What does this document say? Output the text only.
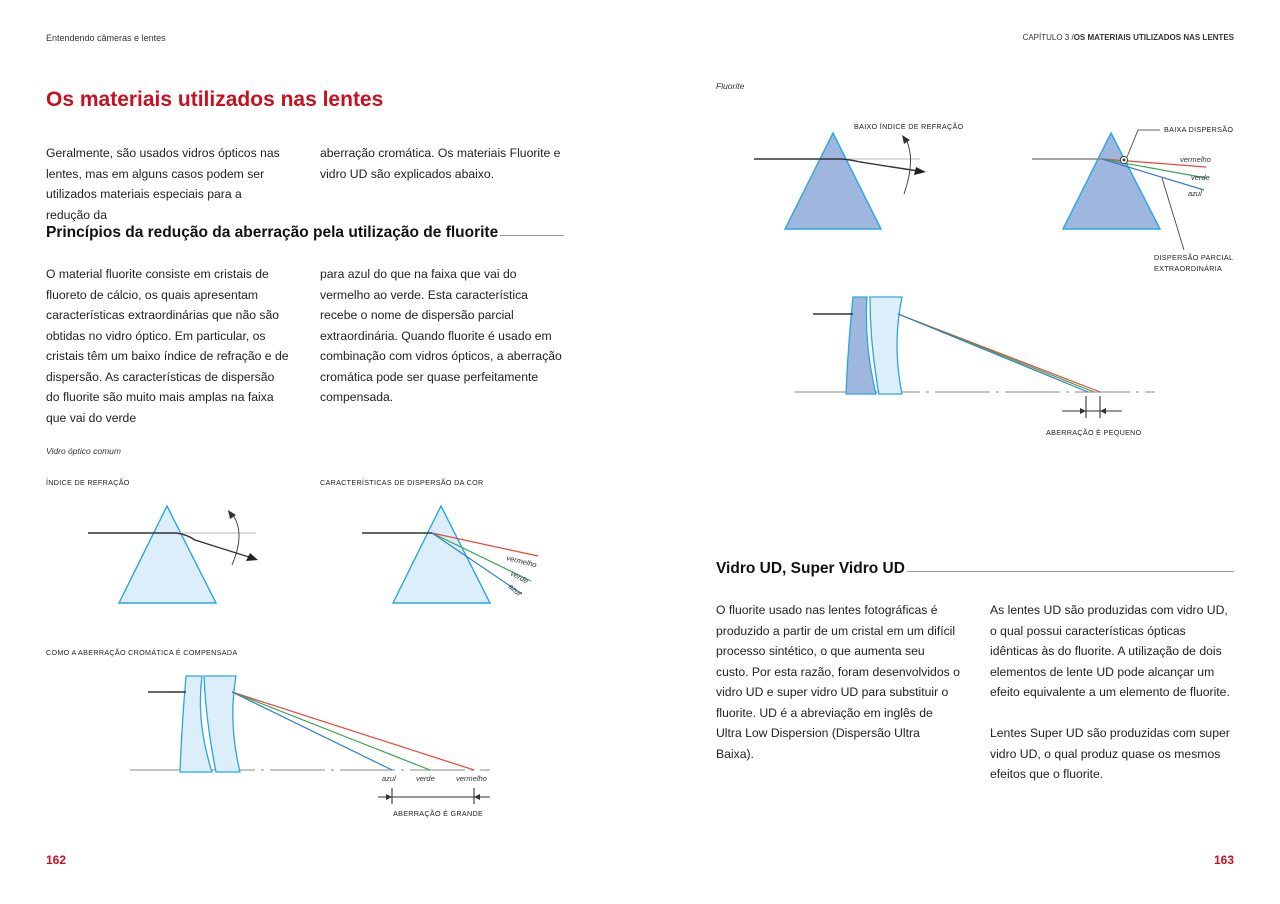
Entendendo câmeras e lentes	CAPÍTULO 3 /OS MATERIAIS UTILIZADOS NAS LENTES
Os materiais utilizados nas lentes

Geralmente, são usados vidros ópticos nas lentes, mas em alguns casos podem ser utilizados materiais especiais para a redução da

aberração cromática. Os materiais Fluorite e vidro UD são explicados abaixo.

Princípios da redução da aberração pela utilização de fluorite

O material fluorite consiste em cristais de fluoreto de cálcio, os quais apresentam características extraordinárias que não são obtidas no vidro óptico. Em particular, os cristais têm um baixo índice de refração e de dispersão. As características de dispersão do fluorite são muito mais amplas na faixa que vai do verde

para azul do que na faixa que vai do vermelho ao verde. Esta característica recebe o nome de dispersão parcial extraordinária. Quando fluorite é usado em combinação com vidros ópticos, a aberração cromática pode ser quase perfeitamente compensada.

Vidro óptico comum
ÍNDICE DE REFRAÇÃO	CARACTERÍSTICAS DE DISPERSÃO DA COR
vermelho
verde
azul
COMO A ABERRAÇÃO CROMÁTICA É COMPENSADA
azul	verde	vermelho
ABERRAÇÃO É GRANDE
162
Fluorite
BAIXO ÍNDICE DE REFRAÇÃO
vermelho
verde
azul
BAIXA DISPERSÃO
DISPERSÃO PARCIAL
EXTRAORDINÁRIA
ABERRAÇÃO É PEQUENO
Vidro UD, Super Vidro UD

O fluorite usado nas lentes fotográficas é produzido a partir de um cristal em um difícil processo sintético, o que aumenta seu custo. Por esta razão, foram desenvolvidos o vidro UD e super vidro UD para substituir o fluorite. UD é a abreviação em inglês de Ultra Low Dispersion (Dispersão Ultra Baixa).

As lentes UD são produzidas com vidro UD, o qual possui características ópticas idênticas às do fluorite. A utilização de dois elementos de lente UD pode alcançar um efeito equivalente a um elemento de fluorite.

Lentes Super UD são produzidas com super vidro UD, o qual produz quase os mesmos efeitos que o fluorite.

163
